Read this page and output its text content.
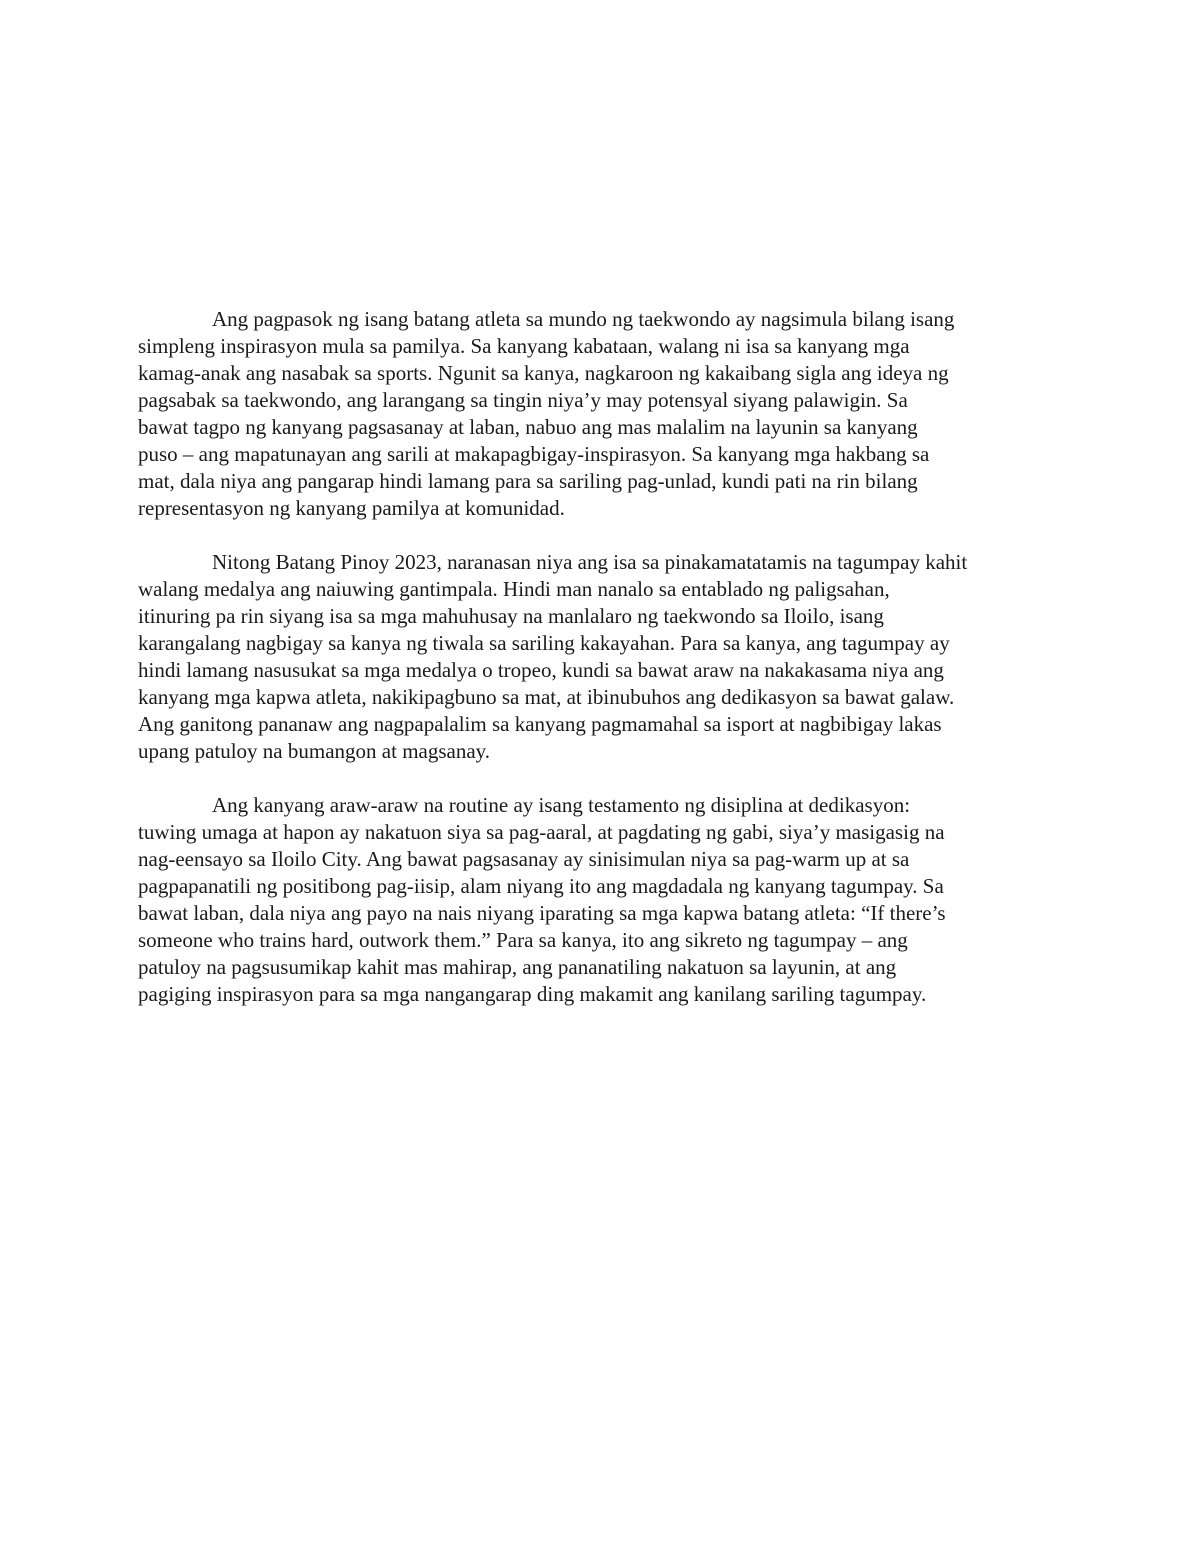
Ang pagpasok ng isang batang atleta sa mundo ng taekwondo ay nagsimula bilang isang
simpleng inspirasyon mula sa pamilya. Sa kanyang kabataan, walang ni isa sa kanyang mga
kamag-anak ang nasabak sa sports. Ngunit sa kanya, nagkaroon ng kakaibang sigla ang ideya ng
pagsabak sa taekwondo, ang larangang sa tingin niya’y may potensyal siyang palawigin. Sa
bawat tagpo ng kanyang pagsasanay at laban, nabuo ang mas malalim na layunin sa kanyang
puso – ang mapatunayan ang sarili at makapagbigay-inspirasyon. Sa kanyang mga hakbang sa
mat, dala niya ang pangarap hindi lamang para sa sariling pag-unlad, kundi pati na rin bilang
representasyon ng kanyang pamilya at komunidad.

Nitong Batang Pinoy 2023, naranasan niya ang isa sa pinakamatatamis na tagumpay kahit
walang medalya ang naiuwing gantimpala. Hindi man nanalo sa entablado ng paligsahan,
itinuring pa rin siyang isa sa mga mahuhusay na manlalaro ng taekwondo sa Iloilo, isang
karangalang nagbigay sa kanya ng tiwala sa sariling kakayahan. Para sa kanya, ang tagumpay ay
hindi lamang nasusukat sa mga medalya o tropeo, kundi sa bawat araw na nakakasama niya ang
kanyang mga kapwa atleta, nakikipagbuno sa mat, at ibinubuhos ang dedikasyon sa bawat galaw.
Ang ganitong pananaw ang nagpapalalim sa kanyang pagmamahal sa isport at nagbibigay lakas
upang patuloy na bumangon at magsanay.

Ang kanyang araw-araw na routine ay isang testamento ng disiplina at dedikasyon:
tuwing umaga at hapon ay nakatuon siya sa pag-aaral, at pagdating ng gabi, siya’y masigasig na
nag-eensayo sa Iloilo City. Ang bawat pagsasanay ay sinisimulan niya sa pag-warm up at sa
pagpapanatili ng positibong pag-iisip, alam niyang ito ang magdadala ng kanyang tagumpay. Sa
bawat laban, dala niya ang payo na nais niyang iparating sa mga kapwa batang atleta: “If there’s
someone who trains hard, outwork them.” Para sa kanya, ito ang sikreto ng tagumpay – ang
patuloy na pagsusumikap kahit mas mahirap, ang pananatiling nakatuon sa layunin, at ang
pagiging inspirasyon para sa mga nangangarap ding makamit ang kanilang sariling tagumpay.
